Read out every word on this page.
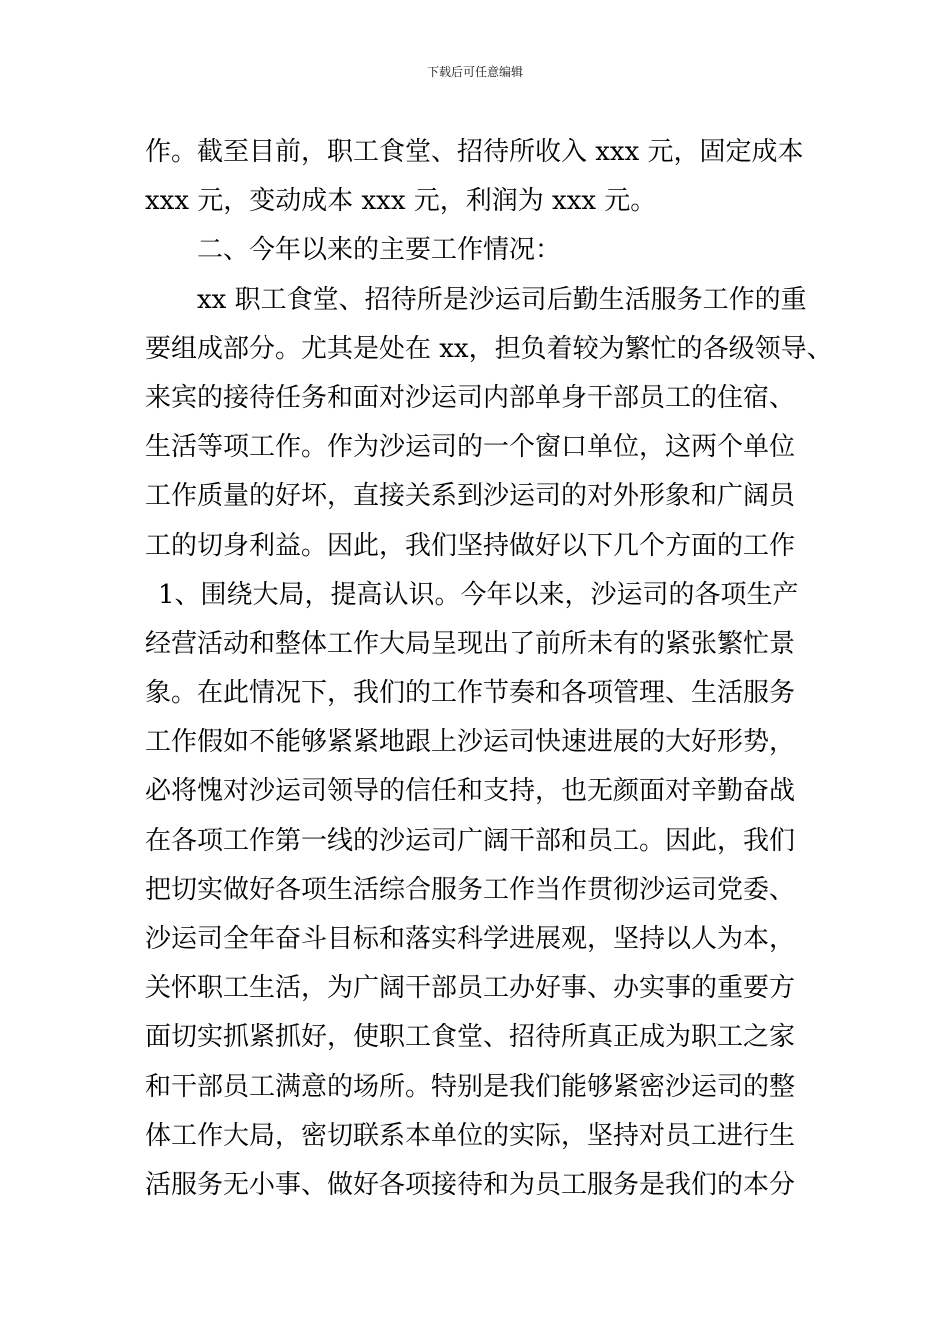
下载后可任意编辑
作。截至目前，职工食堂、招待所收入 xxx 元，固定成本
xxx 元，变动成本 xxx 元，利润为 xxx 元。
二、今年以来的主要工作情况：
xx 职工食堂、招待所是沙运司后勤生活服务工作的重
要组成部分。尤其是处在 xx，担负着较为繁忙的各级领导、
来宾的接待任务和面对沙运司内部单身干部员工的住宿、
生活等项工作。作为沙运司的一个窗口单位，这两个单位
工作质量的好坏，直接关系到沙运司的对外形象和广阔员
工的切身利益。因此，我们坚持做好以下几个方面的工作
1、围绕大局，提高认识。今年以来，沙运司的各项生产
经营活动和整体工作大局呈现出了前所未有的紧张繁忙景
象。在此情况下，我们的工作节奏和各项管理、生活服务
工作假如不能够紧紧地跟上沙运司快速进展的大好形势，
必将愧对沙运司领导的信任和支持，也无颜面对辛勤奋战
在各项工作第一线的沙运司广阔干部和员工。因此，我们
把切实做好各项生活综合服务工作当作贯彻沙运司党委、
沙运司全年奋斗目标和落实科学进展观，坚持以人为本，
关怀职工生活，为广阔干部员工办好事、办实事的重要方
面切实抓紧抓好，使职工食堂、招待所真正成为职工之家
和干部员工满意的场所。特别是我们能够紧密沙运司的整
体工作大局，密切联系本单位的实际，坚持对员工进行生
活服务无小事、做好各项接待和为员工服务是我们的本分
